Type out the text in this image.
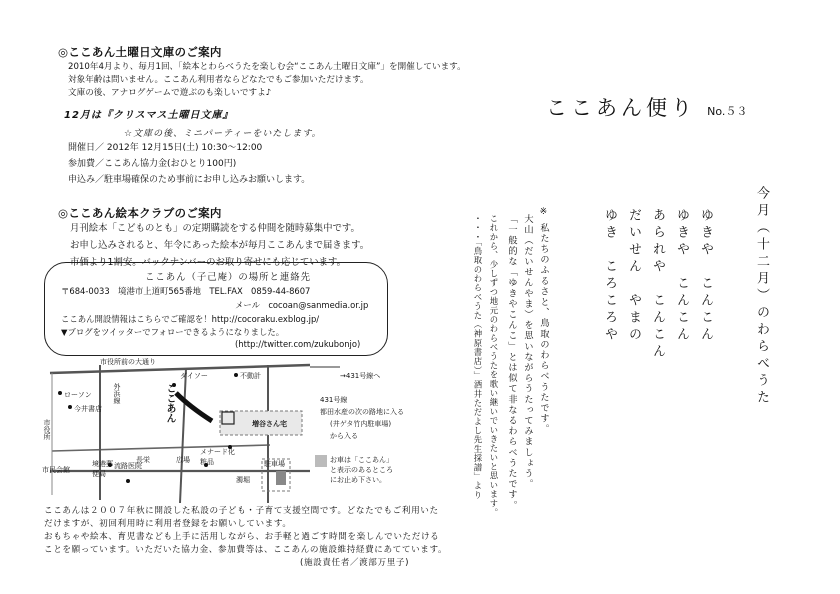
◎ここあん土曜日文庫のご案内
2010年4月より、毎月1回、「絵本とわらべうたを楽しむ会“ここあん土曜日文庫”」を開催しています。
対象年齢は問いません。ここあん利用者ならどなたでもご参加いただけます。
文庫の後、アナログゲームで遊ぶのも楽しいですよ♪
12月は『クリスマス土曜日文庫』
☆文庫の後、ミニパーティーをいたします。
開催日／ 2012年 12月15日(土) 10:30〜12:00
参加費／ここあん協力金(おひとり100円)
申込み／駐車場確保のため事前にお申し込みお願いします。
◎ここあん絵本クラブのご案内
月刊絵本「こどものとも」の定期購読をする仲間を随時募集中です。
お申し込みされると、年令にあった絵本が毎月ここあんまで届きます。
市価より1割安。バックナンバーのお取り寄せにも応じています。
ここあん（子己庵）の場所と連絡先
〒684-0033　境港市上道町565番地　TEL.FAX　0859-44-8607
メール　cocoan@sanmedia.or.jp
ここあん開設情報はこちらでご確認を！http://cocoraku.exblog.jp/
▼ブログをツイッターでフォローできるようになりました。
(http://twitter.com/zukubonjo)
市役所前の大通り
ダイソー	不動計	→431号線へ
ローソン
今井書店
外浜線
市役所
流路医院
広場
メナード化粧品
増谷さん宅
431号線
都田水産の次の路地に入る
(井ゲタ竹内駐車場)
から入る
駐車場
濁堀
市民会館
境港郵便局
長栄
ここあん
お車は「ここあん」と表示のあるところにお止め下さい。
ここあんは２００７年秋に開設した私設の子ども・子育て支援空間です。どなたでもご利用いた
だけますが、初回利用時に利用者登録をお願いしています。
おもちゃや絵本、育児書なども上手に活用しながら、お手軽と過ごす時間を楽しんでいただける
ことを願っています。いただいた協力金、参加費等は、ここあんの施設維持経費にあてています。
(施設責任者／渡部万里子)
ここあん便り No.５３
今月（十二月）のわらべうた
ゆきや　こんこん
ゆきや　こんこん
あられや　こんこん
だいせん　やまの
ゆき　ころころや
※ 私たちのふるさと、鳥取のわらべうたです。
大山（だいせんやま）を思いながらうたってみましょう。
「一般的な「ゆきやこんこ」とは似て非なるわらべうたです。
これから、少しずつ地元のわらべうたを歌い継いでいきたいと思います。
・・・「鳥取のわらべうた（神原書店）」酒井ただよし先生採譜」より
